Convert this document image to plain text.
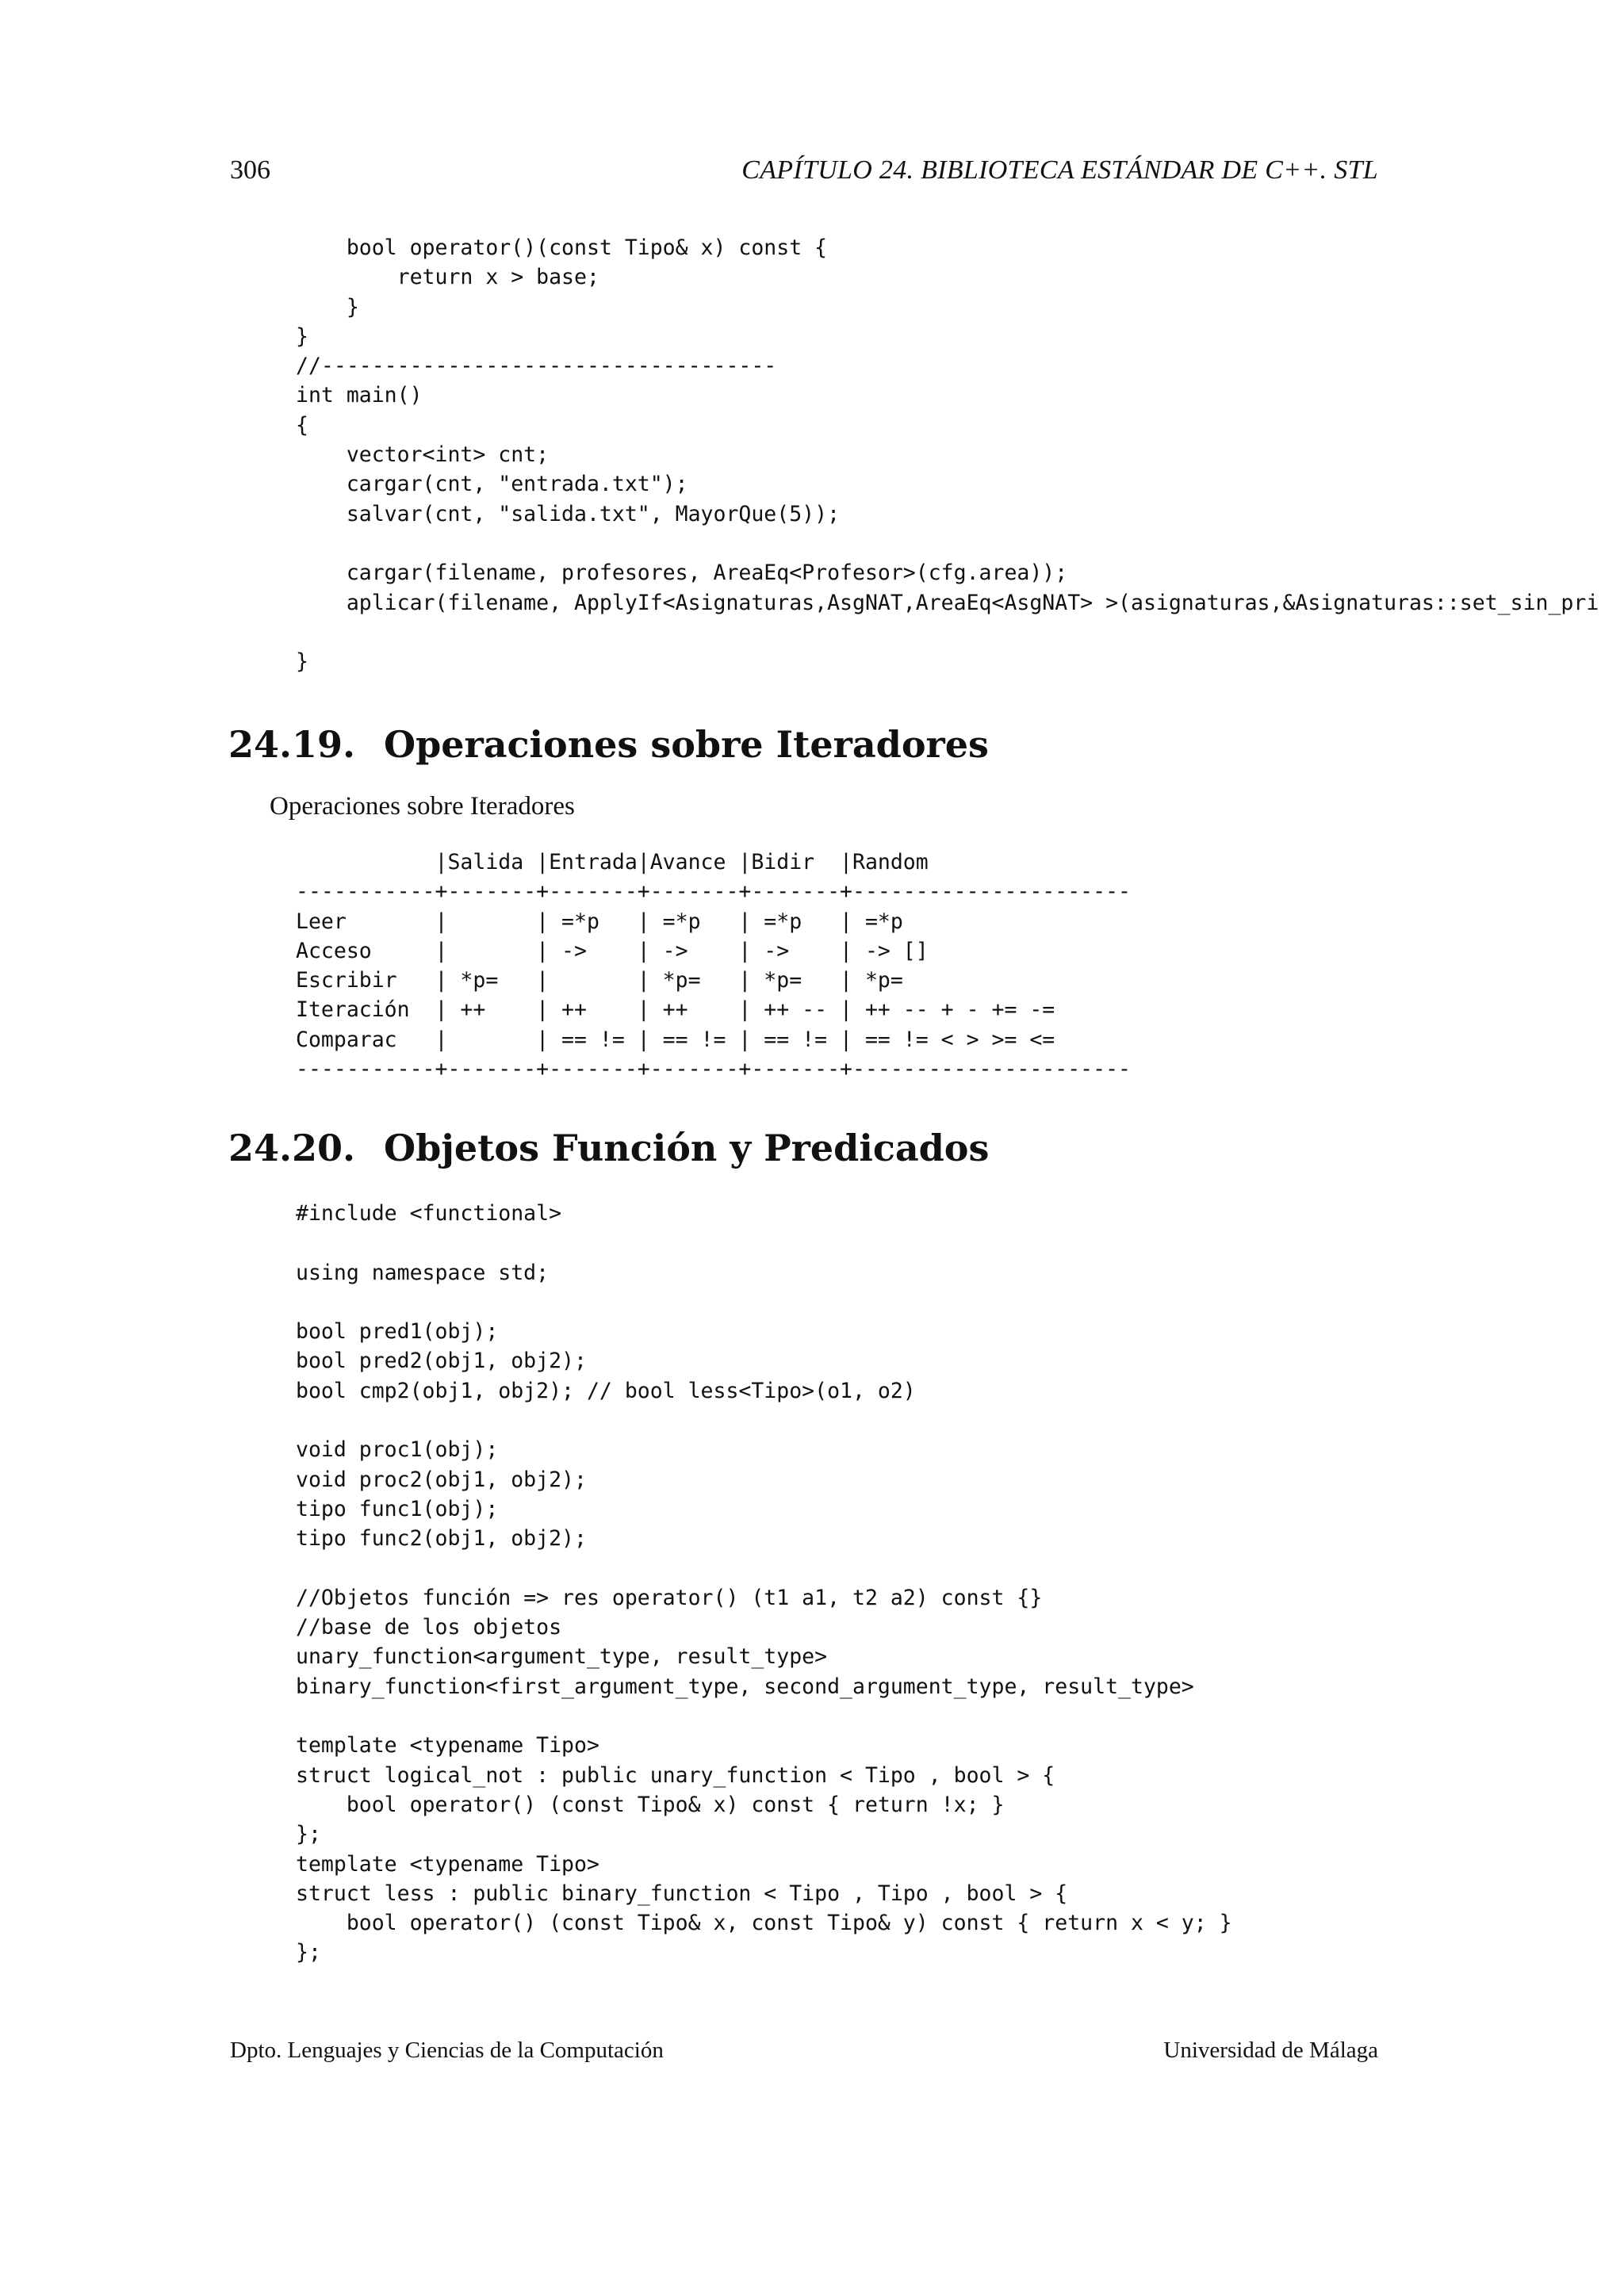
306	CAPÍTULO 24. BIBLIOTECA ESTÁNDAR DE C++. STL
bool operator()(const Tipo& x) const {
return x > base;
}
}
//------------------------------------
int main()
{
vector<int> cnt;
cargar(cnt, "entrada.txt");
salvar(cnt, "salida.txt", MayorQue(5));

cargar(filename, profesores, AreaEq<Profesor>(cfg.area));
aplicar(filename, ApplyIf<Asignaturas,AsgNAT,AreaEq<AsgNAT> >(asignaturas,&Asignaturas::set_sin_pri

}
24.19. Operaciones sobre Iteradores
Operaciones sobre Iteradores
|Salida |Entrada|Avance |Bidir  |Random
-----------+-------+-------+-------+-------+----------------------
Leer       |       | =*p   | =*p   | =*p   | =*p
Acceso     |       | ->    | ->    | ->    | -> []
Escribir   | *p=   |       | *p=   | *p=   | *p=
Iteración  | ++    | ++    | ++    | ++ -- | ++ -- + - += -=
Comparac   |       | == != | == != | == != | == != < > >= <=
-----------+-------+-------+-------+-------+----------------------
24.20. Objetos Función y Predicados
#include <functional>

using namespace std;

bool pred1(obj);
bool pred2(obj1, obj2);
bool cmp2(obj1, obj2); // bool less<Tipo>(o1, o2)

void proc1(obj);
void proc2(obj1, obj2);
tipo func1(obj);
tipo func2(obj1, obj2);

//Objetos función => res operator() (t1 a1, t2 a2) const {}
//base de los objetos
unary_function<argument_type, result_type>
binary_function<first_argument_type, second_argument_type, result_type>

template <typename Tipo>
struct logical_not : public unary_function < Tipo , bool > {
bool operator() (const Tipo& x) const { return !x; }
};
template <typename Tipo>
struct less : public binary_function < Tipo , Tipo , bool > {
bool operator() (const Tipo& x, const Tipo& y) const { return x < y; }
};
Dpto. Lenguajes y Ciencias de la Computación	Universidad de Málaga
